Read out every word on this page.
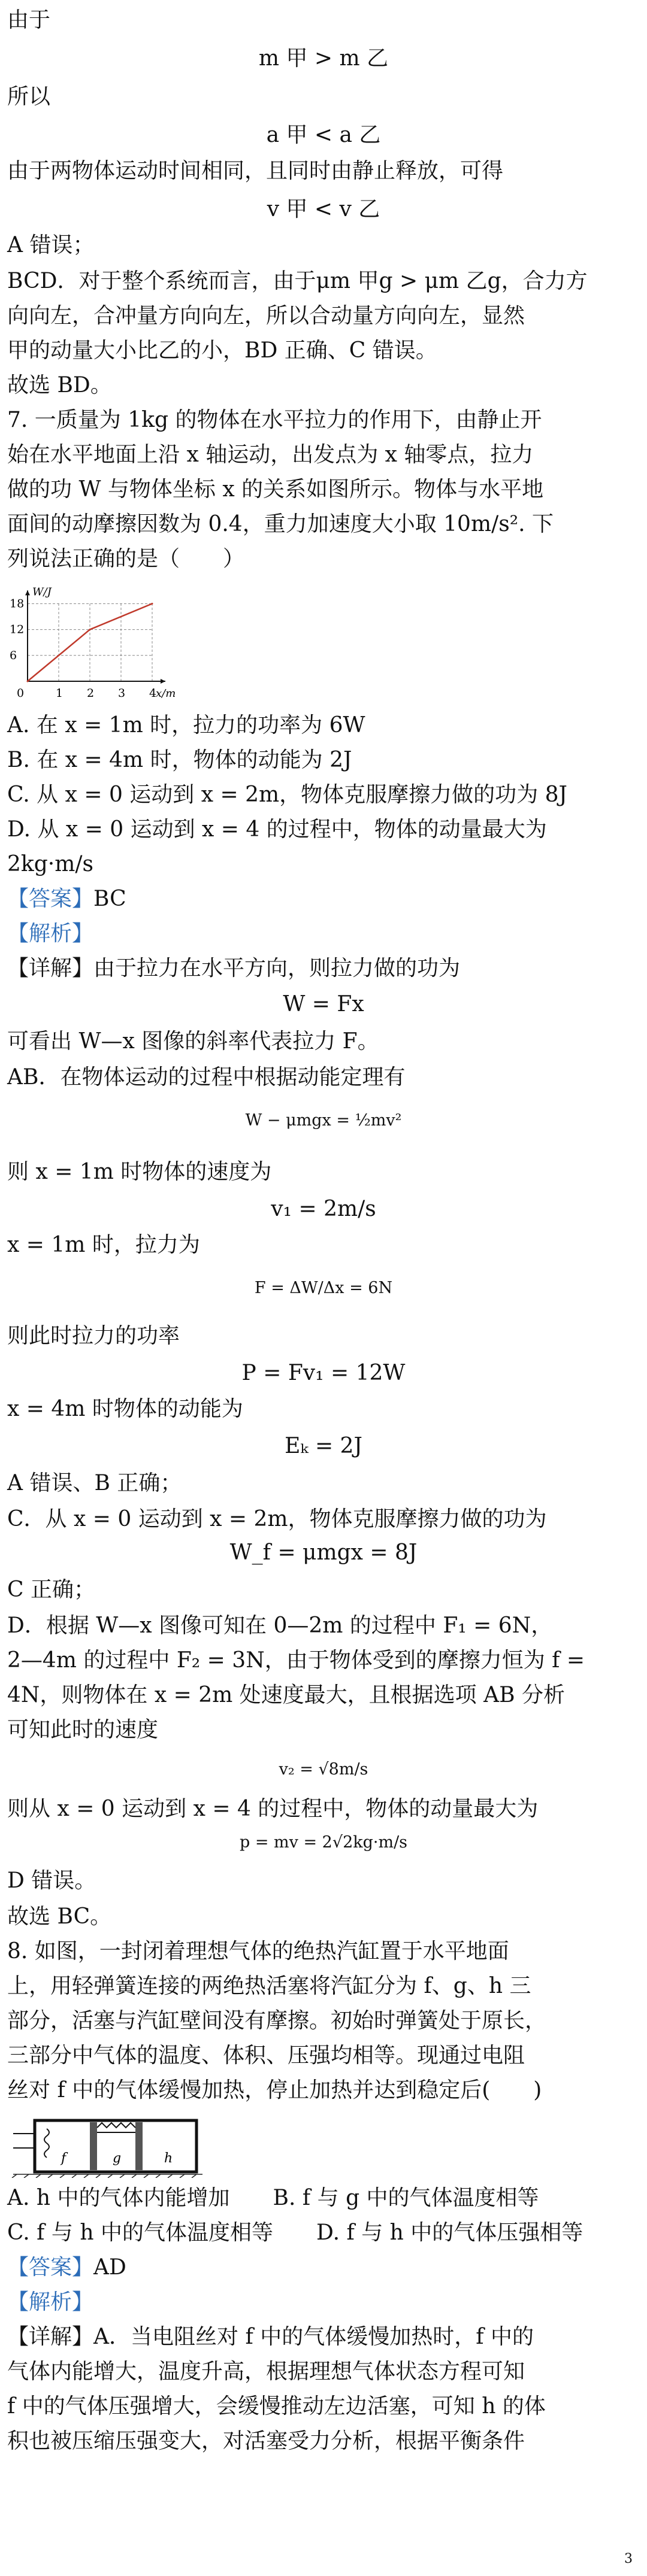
由于
m 甲 > m 乙
所以
a 甲 < a 乙
由于两物体运动时间相同，且同时由静止释放，可得
v 甲 < v 乙
A 错误；
BCD．对于整个系统而言，由于μm 甲g > μm 乙g，合力方
向向左，合冲量方向向左，所以合动量方向向左，显然
甲的动量大小比乙的小，BD 正确、C 错误。
故选 BD。
7. 一质量为 1kg 的物体在水平拉力的作用下，由静止开
始在水平地面上沿 x 轴运动，出发点为 x 轴零点，拉力
做的功 W 与物体坐标 x 的关系如图所示。物体与水平地
面间的动摩擦因数为 0.4，重力加速度大小取 10m/s². 下
列说法正确的是（　　）
W/J
x/m
0	1 2 3 4
6
12
18
A. 在 x = 1m 时，拉力的功率为 6W
B. 在 x = 4m 时，物体的动能为 2J
C. 从 x = 0 运动到 x = 2m，物体克服摩擦力做的功为 8J
D. 从 x = 0 运动到 x = 4 的过程中，物体的动量最大为
2kg·m/s
【答案】BC
【解析】
【详解】由于拉力在水平方向，则拉力做的功为
W = Fx
可看出 W—x 图像的斜率代表拉力 F。
AB．在物体运动的过程中根据动能定理有
W − μmgx = ½mv²
则 x = 1m 时物体的速度为
v₁ = 2m/s
x = 1m 时，拉力为
F = ΔW/Δx = 6N
则此时拉力的功率
P = Fv₁ = 12W
x = 4m 时物体的动能为
Eₖ = 2J
A 错误、B 正确；
C．从 x = 0 运动到 x = 2m，物体克服摩擦力做的功为
W_f = μmgx = 8J
C 正确；
D．根据 W—x 图像可知在 0—2m 的过程中 F₁ = 6N，
2—4m 的过程中 F₂ = 3N，由于物体受到的摩擦力恒为 f =
4N，则物体在 x = 2m 处速度最大，且根据选项 AB 分析
可知此时的速度
v₂ = √8m/s
则从 x = 0 运动到 x = 4 的过程中，物体的动量最大为
p = mv = 2√2kg·m/s
D 错误。
故选 BC。
8. 如图，一封闭着理想气体的绝热汽缸置于水平地面
上，用轻弹簧连接的两绝热活塞将汽缸分为 f、g、h 三
部分，活塞与汽缸壁间没有摩擦。初始时弹簧处于原长，
三部分中气体的温度、体积、压强均相等。现通过电阻
丝对 f 中的气体缓慢加热，停止加热并达到稳定后(　　)
f	g	h
A. h 中的气体内能增加　　B. f 与 g 中的气体温度相等
C. f 与 h 中的气体温度相等　　D. f 与 h 中的气体压强相等
【答案】AD
【解析】
【详解】A．当电阻丝对 f 中的气体缓慢加热时，f 中的
气体内能增大，温度升高，根据理想气体状态方程可知
f 中的气体压强增大，会缓慢推动左边活塞，可知 h 的体
积也被压缩压强变大，对活塞受力分析，根据平衡条件
3
